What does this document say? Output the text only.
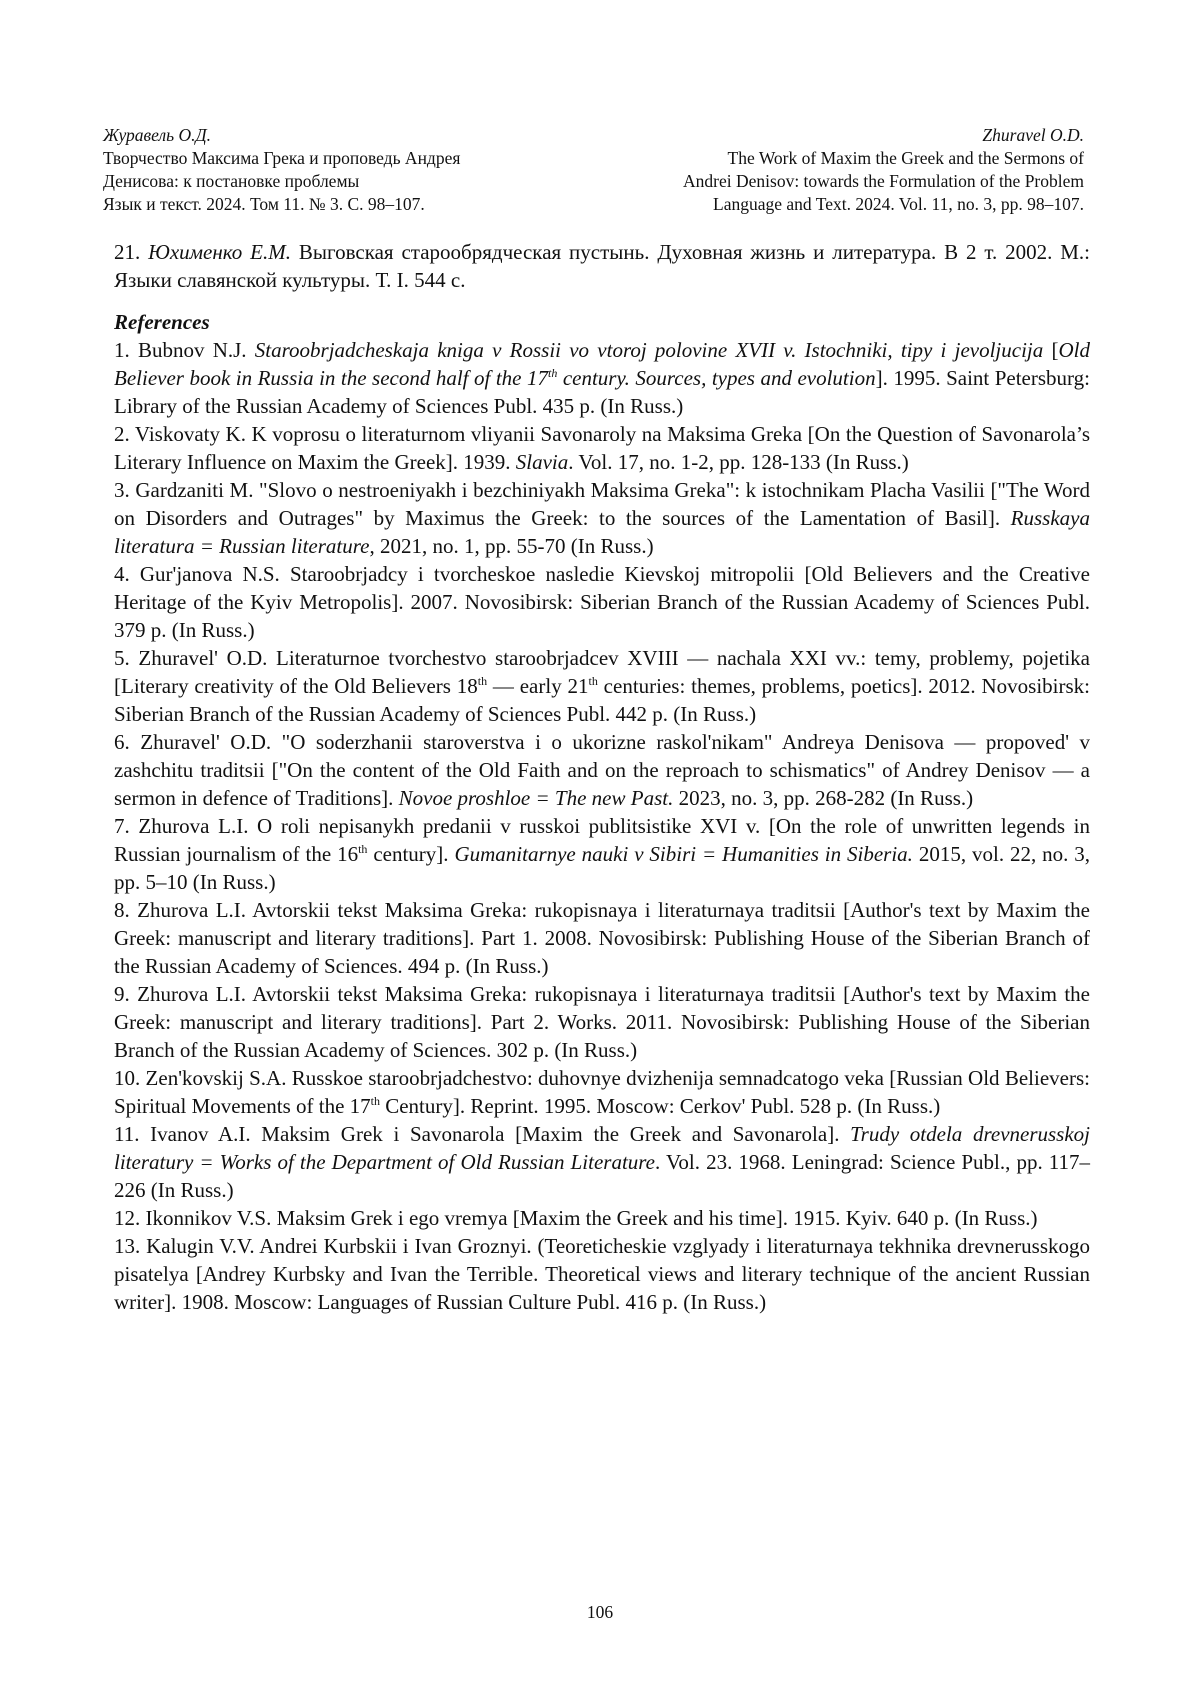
Журавель О.Д.
Творчество Максима Грека и проповедь Андрея
Денисова: к постановке проблемы
Язык и текст. 2024. Том 11. № 3. С. 98–107.
Zhuravel O.D.
The Work of Maxim the Greek and the Sermons of
Andrei Denisov: towards the Formulation of the Problem
Language and Text. 2024. Vol. 11, no. 3, pp. 98–107.

21. Юхименко Е.М. Выговская старообрядческая пустынь. Духовная жизнь и литература. В 2 т. 2002. М.: Языки славянской культуры. Т. I. 544 с.

References

1. Bubnov N.J. Staroobrjadcheskaja kniga v Rossii vo vtoroj polovine XVII v. Istochniki, tipy i jevoljucija [Old Believer book in Russia in the second half of the 17th century. Sources, types and evolution]. 1995. Saint Petersburg: Library of the Russian Academy of Sciences Publ. 435 p. (In Russ.)

2. Viskovaty K. K voprosu o literaturnom vliyanii Savonaroly na Maksima Greka [On the Question of Savonarola’s Literary Influence on Maxim the Greek]. 1939. Slavia. Vol. 17, no. 1-2, pp. 128-133 (In Russ.)

3. Gardzaniti M. "Slovo o nestroeniyakh i bezchiniyakh Maksima Greka": k istochnikam Placha Vasilii ["The Word on Disorders and Outrages" by Maximus the Greek: to the sources of the Lamentation of Basil]. Russkaya literatura = Russian literature, 2021, no. 1, pp. 55-70 (In Russ.)

4. Gur'janova N.S. Staroobrjadcy i tvorcheskoe nasledie Kievskoj mitropolii [Old Believers and the Creative Heritage of the Kyiv Metropolis]. 2007. Novosibirsk: Siberian Branch of the Russian Academy of Sciences Publ. 379 p. (In Russ.)

5. Zhuravel' O.D. Literaturnoe tvorchestvo staroobrjadcev XVIII — nachala XXI vv.: temy, problemy, pojetika [Literary creativity of the Old Believers 18th — early 21th centuries: themes, problems, poetics]. 2012. Novosibirsk: Siberian Branch of the Russian Academy of Sciences Publ. 442 p. (In Russ.)

6. Zhuravel' O.D. "O soderzhanii staroverstva i o ukorizne raskol'nikam" Andreya Denisova — propoved' v zashchitu traditsii ["On the content of the Old Faith and on the reproach to schismatics" of Andrey Denisov — a sermon in defence of Traditions]. Novoe proshloe = The new Past. 2023, no. 3, pp. 268-282 (In Russ.)

7. Zhurova L.I. O roli nepisanykh predanii v russkoi publitsistike XVI v. [On the role of unwritten legends in Russian journalism of the 16th century]. Gumanitarnye nauki v Sibiri = Humanities in Siberia. 2015, vol. 22, no. 3, pp. 5–10 (In Russ.)

8. Zhurova L.I. Avtorskii tekst Maksima Greka: rukopisnaya i literaturnaya traditsii [Author's text by Maxim the Greek: manuscript and literary traditions]. Part 1. 2008. Novosibirsk: Publishing House of the Siberian Branch of the Russian Academy of Sciences. 494 p. (In Russ.)

9. Zhurova L.I. Avtorskii tekst Maksima Greka: rukopisnaya i literaturnaya traditsii [Author's text by Maxim the Greek: manuscript and literary traditions]. Part 2. Works. 2011. Novosibirsk: Publishing House of the Siberian Branch of the Russian Academy of Sciences. 302 p. (In Russ.)

10. Zen'kovskij S.A. Russkoe staroobrjadchestvo: duhovnye dvizhenija semnadcatogo veka [Russian Old Believers: Spiritual Movements of the 17th Century]. Reprint. 1995. Moscow: Cerkov' Publ. 528 p. (In Russ.)

11. Ivanov A.I. Maksim Grek i Savonarola [Maxim the Greek and Savonarola]. Trudy otdela drevnerusskoj literatury = Works of the Department of Old Russian Literature. Vol. 23. 1968. Leningrad: Science Publ., pp. 117–226 (In Russ.)

12. Ikonnikov V.S. Maksim Grek i ego vremya [Maxim the Greek and his time]. 1915. Kyiv. 640 p. (In Russ.)

13. Kalugin V.V. Andrei Kurbskii i Ivan Groznyi. (Teoreticheskie vzglyady i literaturnaya tekhnika drevnerusskogo pisatelya [Andrey Kurbsky and Ivan the Terrible. Theoretical views and literary technique of the ancient Russian writer]. 1908. Moscow: Languages of Russian Culture Publ. 416 p. (In Russ.)

106
